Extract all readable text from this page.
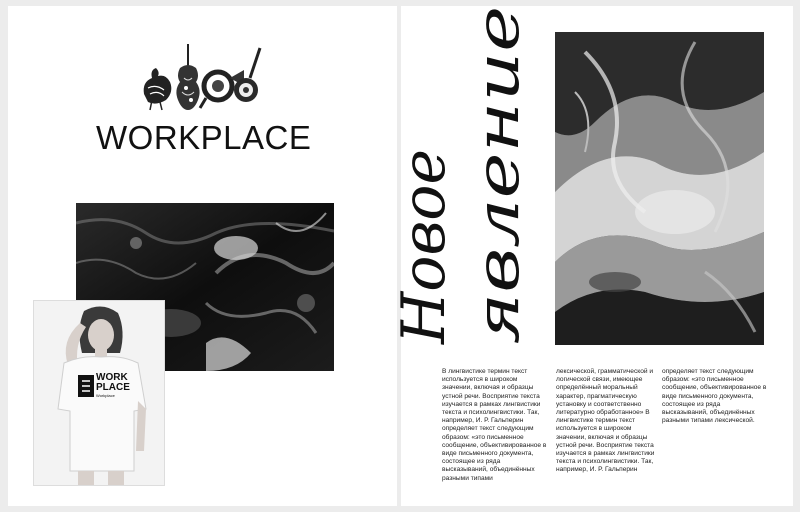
WORKPLACE
WORK
PLACE
Workplace
Новое явление
В лингвистике термин текст используется в широком значении, включая и образцы устной речи. Восприятие текста изучается в рамках лингвистики текста и психолингвистики. Так, например, И. Р. Гальперин определяет текст следующим образом: «это письменное сообщение, объективированное в виде письменного документа, состоящее из ряда высказываний, объединённых разными типами
лексической, грамматической и логической связи, имеющее определённый моральный характер, прагматическую установку и соответственно литературно обработанное» В лингвистике термин текст используется в широком значении, включая и образцы устной речи. Восприятие текста изучается в рамках лингвистики текста и психолингвистики. Так, например, И. Р. Гальперин
определяет текст следующим образом: «это письменное сообщение, объективированное в виде письменного документа, состоящее из ряда высказываний, объединённых разными типами лексической.
